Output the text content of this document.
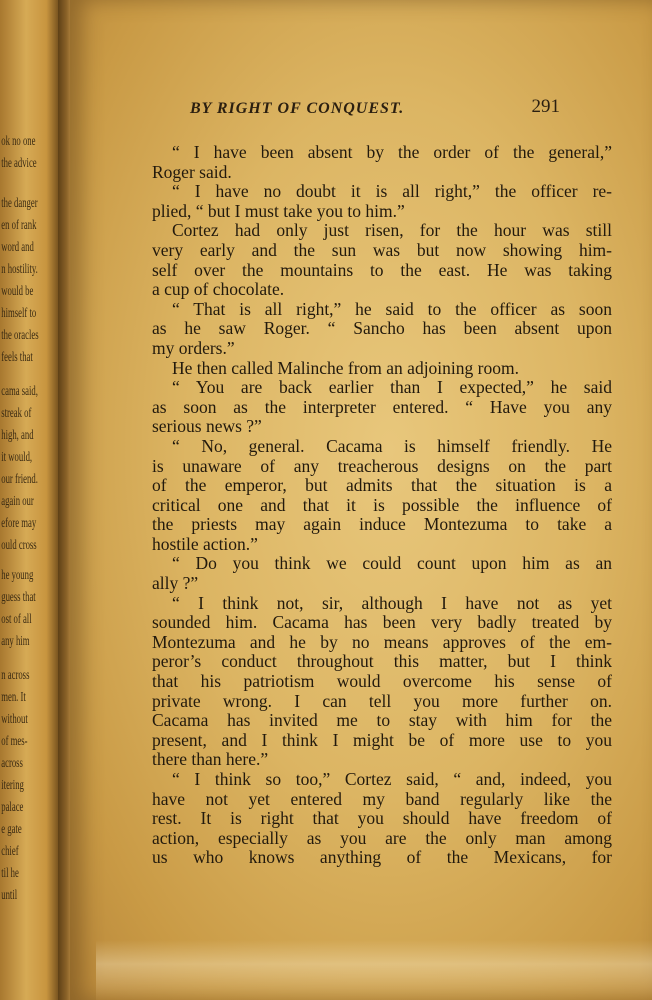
ok no one
the advice
the danger
en of rank
word and
n hostility.
would be
himself to
the oracles
feels that
cama said,
streak of
high, and
it would,
our friend.
again our
efore may
ould cross
he young
guess that
ost of all
any him
n across
men. It
without
of mes-
across
itering
palace
e gate
chief
til he
until
BY RIGHT OF CONQUEST.	291
“ I have been absent by the order of the general,”
Roger said.
“ I have no doubt it is all right,” the officer re-
plied, “ but I must take you to him.”
Cortez had only just risen, for the hour was still
very early and the sun was but now showing him-
self over the mountains to the east. He was taking
a cup of chocolate.
“ That is all right,” he said to the officer as soon
as he saw Roger. “ Sancho has been absent upon
my orders.”
He then called Malinche from an adjoining room.
“ You are back earlier than I expected,” he said
as soon as the interpreter entered. “ Have you any
serious news ?”
“ No, general. Cacama is himself friendly. He
is unaware of any treacherous designs on the part
of the emperor, but admits that the situation is a
critical one and that it is possible the influence of
the priests may again induce Montezuma to take a
hostile action.”
“ Do you think we could count upon him as an
ally ?”
“ I think not, sir, although I have not as yet
sounded him. Cacama has been very badly treated by
Montezuma and he by no means approves of the em-
peror’s conduct throughout this matter, but I think
that his patriotism would overcome his sense of
private wrong. I can tell you more further on.
Cacama has invited me to stay with him for the
present, and I think I might be of more use to you
there than here.”
“ I think so too,” Cortez said, “ and, indeed, you
have not yet entered my band regularly like the
rest. It is right that you should have freedom of
action, especially as you are the only man among
us who knows anything of the Mexicans, for
